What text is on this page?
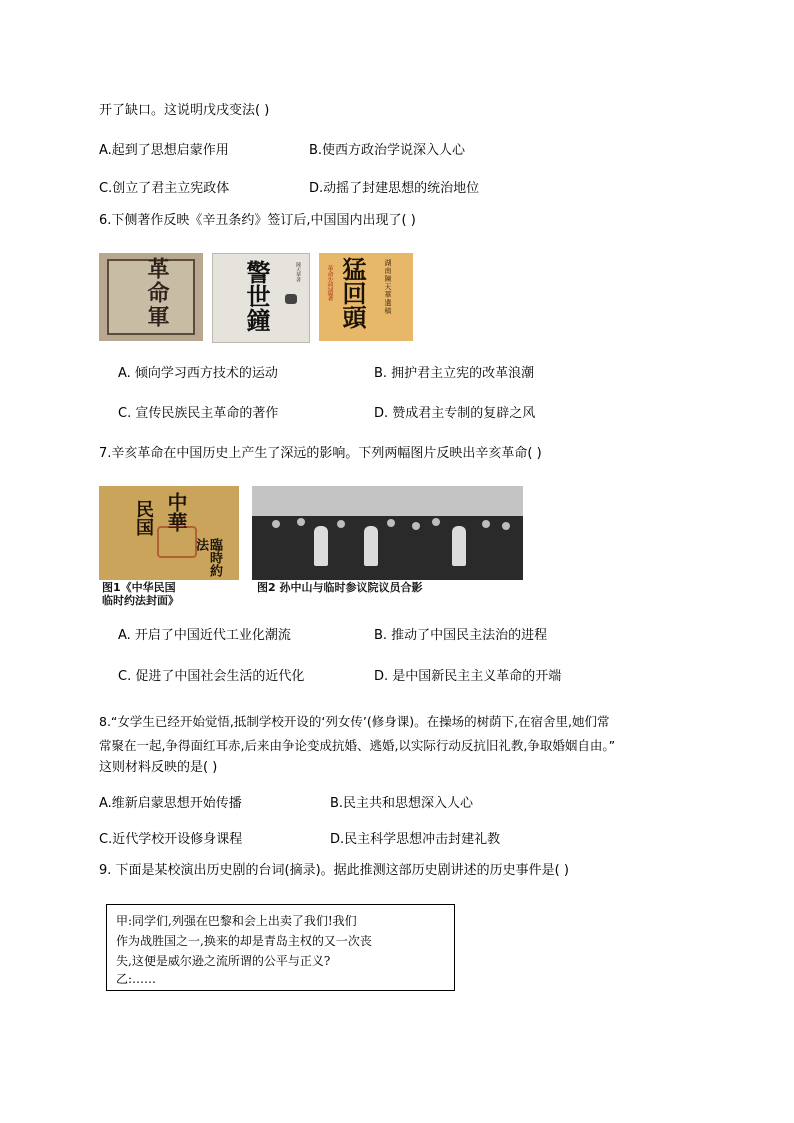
开了缺口。这说明戊戌变法( )
A.起到了思想启蒙作用	B.使西方政治学说深入人心
C.创立了君主立宪政体	D.动摇了封建思想的统治地位
6.下侧著作反映《辛丑条约》签订后,中国国内出现了( )
革命軍	陳天華著
警世鐘	革命先烈遺著 猛回頭 湖南陳天華遺稿
A. 倾向学习西方技术的运动	B. 拥护君主立宪的改革浪潮
C. 宣传民族民主革命的著作	D. 赞成君主专制的复辟之风
7.辛亥革命在中国历史上产生了深远的影响。下列两幅图片反映出辛亥革命( )
中華
民国
臨時約法
图1《中华民国
临时约法封面》
图2 孙中山与临时参议院议员合影
A. 开启了中国近代工业化潮流	B. 推动了中国民主法治的进程
C. 促进了中国社会生活的近代化	D. 是中国新民主主义革命的开端
8.“女学生已经开始觉悟,抵制学校开设的‘列女传’(修身课)。在操场的树荫下,在宿舍里,她们常
常聚在一起,争得面红耳赤,后来由争论变成抗婚、逃婚,以实际行动反抗旧礼教,争取婚姻自由。”
这则材料反映的是( )
A.维新启蒙思想开始传播	B.民主共和思想深入人心
C.近代学校开设修身课程	D.民主科学思想冲击封建礼教
9. 下面是某校演出历史剧的台词(摘录)。据此推测这部历史剧讲述的历史事件是( )
甲:同学们,列强在巴黎和会上出卖了我们!我们
作为战胜国之一,换来的却是青岛主权的又一次丧
失,这便是威尔逊之流所谓的公平与正义?
乙:……
